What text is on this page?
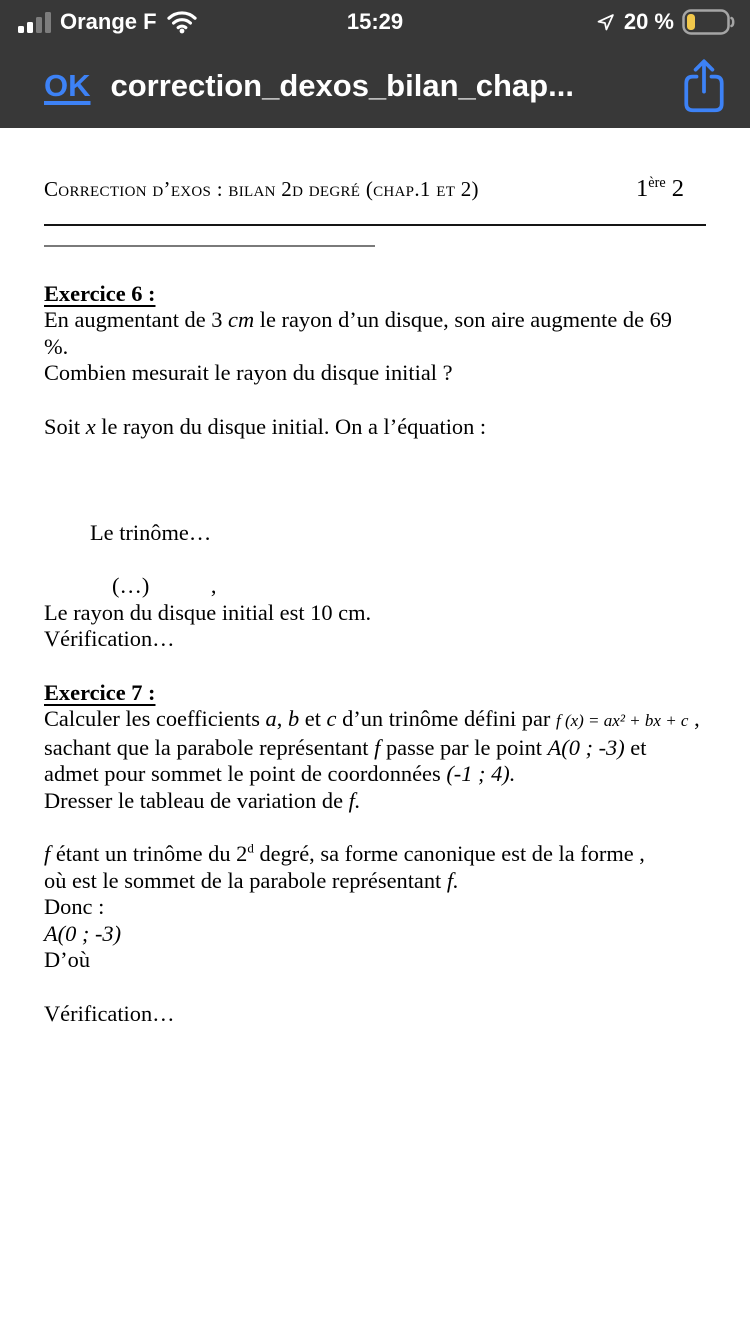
Orange F	15:29	20 %
OK correction_dexos_bilan_chap...
Correction d’exos : bilan 2d degré (chap.1 et 2)	1ère 2
Exercice 6 :
En augmentant de 3 cm le rayon d’un disque, son aire augmente de 69
%.
Combien mesurait le rayon du disque initial ?
Soit x le rayon du disque initial. On a l’équation :
Le trinôme…
(…)           ,
Le rayon du disque initial est 10 cm.
Vérification…
Exercice 7 :
Calculer les coefficients a, b et c d’un trinôme défini par f (x) = ax² + bx + c ,
sachant que la parabole représentant f passe par le point A(0 ; -3) et
admet pour sommet le point de coordonnées (-1 ; 4).
Dresser le tableau de variation de f.
f étant un trinôme du 2$^d$ degré, sa forme canonique est de la forme ,
où est le sommet de la parabole représentant f.
Donc :
A(0 ; -3)
D’où
Vérification…
